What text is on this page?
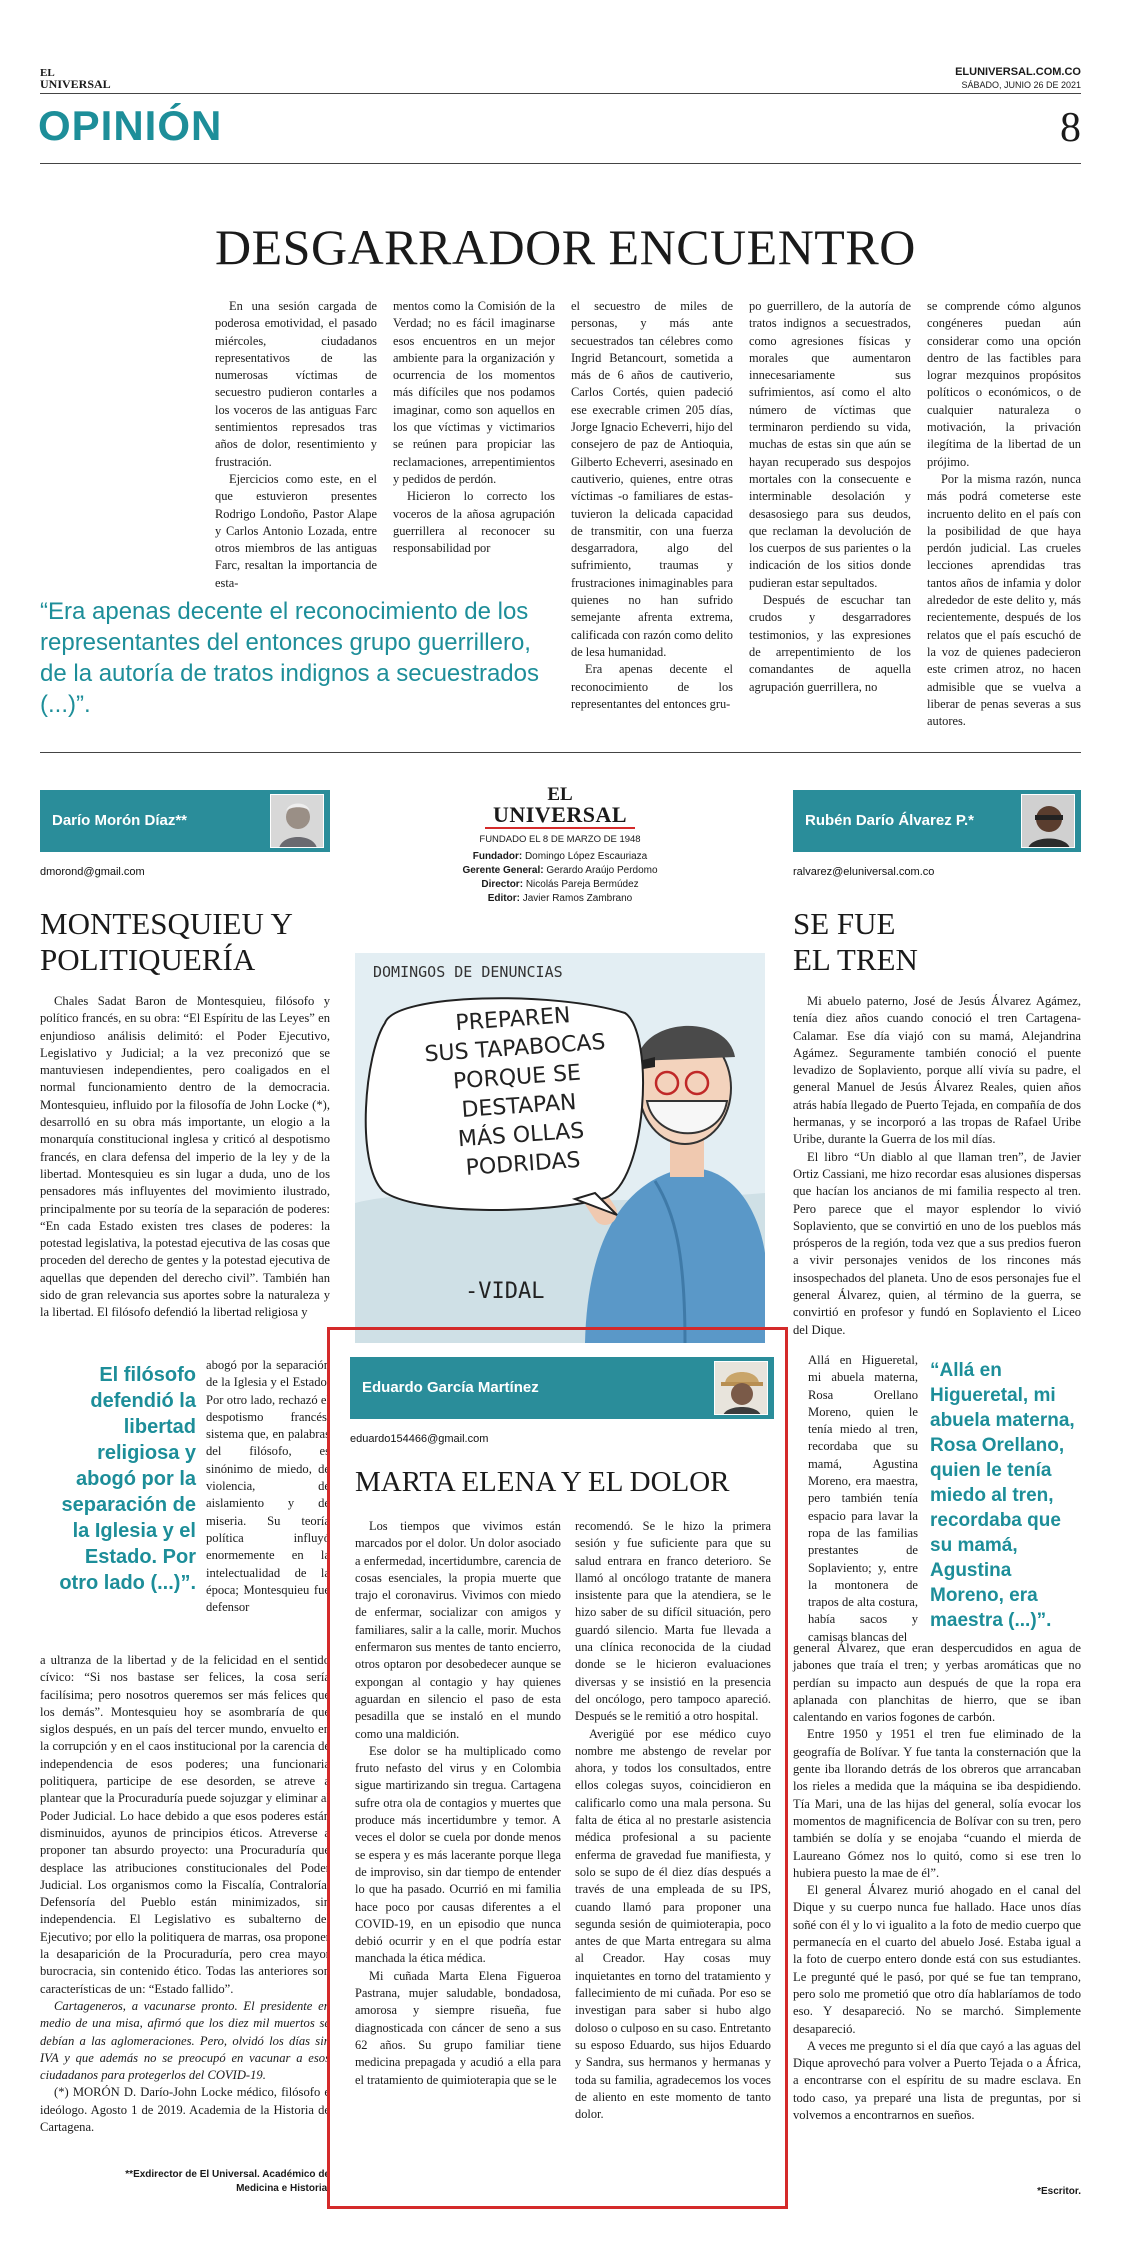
EL
UNIVERSAL
ELUNIVERSAL.COM.CO
SÁBADO, JUNIO 26 DE 2021
OPINIÓN	8
DESGARRADOR ENCUENTRO

En una sesión cargada de poderosa emotividad, el pasado miércoles, ciudadanos representativos de las numerosas víctimas de secuestro pudieron contarles a los voceros de las antiguas Farc sentimientos represados tras años de dolor, resentimiento y frustración.

Ejercicios como este, en el que estuvieron presentes Rodrigo Londoño, Pastor Alape y Carlos Antonio Lozada, entre otros miembros de las antiguas Farc, resaltan la importancia de esta-

mentos como la Comisión de la Verdad; no es fácil imaginarse esos encuentros en un mejor ambiente para la organización y ocurrencia de los momentos más difíciles que nos podamos imaginar, como son aquellos en los que víctimas y victimarios se reúnen para propiciar las reclamaciones, arrepentimientos y pedidos de perdón.

Hicieron lo correcto los voceros de la añosa agrupación guerrillera al reconocer su responsabilidad por

el secuestro de miles de personas, y más ante secuestrados tan célebres como Ingrid Betancourt, sometida a más de 6 años de cautiverio, Carlos Cortés, quien padeció ese execrable crimen 205 días, Jorge Ignacio Echeverri, hijo del consejero de paz de Antioquia, Gilberto Echeverri, asesinado en cautiverio, quienes, entre otras víctimas -o familiares de estas- tuvieron la delicada capacidad de transmitir, con una fuerza desgarradora, algo del sufrimiento, traumas y frustraciones inimaginables para quienes no han sufrido semejante afrenta extrema, calificada con razón como delito de lesa humanidad.

Era apenas decente el reconocimiento de los representantes del entonces gru-

po guerrillero, de la autoría de tratos indignos a secuestrados, como agresiones físicas y morales que aumentaron innecesariamente sus sufrimientos, así como el alto número de víctimas que terminaron perdiendo su vida, muchas de estas sin que aún se hayan recuperado sus despojos mortales con la consecuente e interminable desolación y desasosiego para sus deudos, que reclaman la devolución de los cuerpos de sus parientes o la indicación de los sitios donde pudieran estar sepultados.

Después de escuchar tan crudos y desgarradores testimonios, y las expresiones de arrepentimiento de los comandantes de aquella agrupación guerrillera, no

se comprende cómo algunos congéneres puedan aún considerar como una opción dentro de las factibles para lograr mezquinos propósitos políticos o económicos, o de cualquier naturaleza o motivación, la privación ilegítima de la libertad de un prójimo.

Por la misma razón, nunca más podrá cometerse este incruento delito en el país con la posibilidad de que haya perdón judicial. Las crueles lecciones aprendidas tras tantos años de infamia y dolor alrededor de este delito y, más recientemente, después de los relatos que el país escuchó de la voz de quienes padecieron este crimen atroz, no hacen admisible que se vuelva a liberar de penas severas a sus autores.

“Era apenas decente el reconocimiento de los representantes del entonces grupo guerrillero, de la autoría de tratos indignos a secuestrados (...)”.
Darío Morón Díaz**
dmorond@gmail.com
MONTESQUIEU Y
POLITIQUERÍA

Chales Sadat Baron de Montesquieu, filósofo y político francés, en su obra: “El Espíritu de las Leyes” en enjundioso análisis delimitó: el Poder Ejecutivo, Legislativo y Judicial; a la vez preconizó que se mantuviesen independientes, pero coaligados en el normal funcionamiento dentro de la democracia. Montesquieu, influido por la filosofía de John Locke (*), desarrolló en su obra más importante, un elogio a la monarquía constitucional inglesa y criticó al despotismo francés, en clara defensa del imperio de la ley y de la libertad. Montesquieu es sin lugar a duda, uno de los pensadores más influyentes del movimiento ilustrado, principalmente por su teoría de la separación de poderes: “En cada Estado existen tres clases de poderes: la potestad legislativa, la potestad ejecutiva de las cosas que proceden del derecho de gentes y la potestad ejecutiva de aquellas que dependen del derecho civil”. También han sido de gran relevancia sus aportes sobre la naturaleza y la libertad. El filósofo defendió la libertad religiosa y

El filósofo defendió la libertad religiosa y abogó por la separación de la Iglesia y el Estado. Por otro lado (...)”.
abogó por la separación de la Iglesia y el Estado. Por otro lado, rechazó el despotismo francés, sistema que, en palabras del filósofo, es sinónimo de miedo, de violencia, de aislamiento y de miseria. Su teoría política influyó enormemente en la intelectualidad de la época; Montesquieu fue defensor

a ultranza de la libertad y de la felicidad en el sentido cívico: “Si nos bastase ser felices, la cosa sería facilísima; pero nosotros queremos ser más felices que los demás”. Montesquieu hoy se asombraría de que siglos después, en un país del tercer mundo, envuelto en la corrupción y en el caos institucional por la carencia de independencia de esos poderes; una funcionaria politiquera, participe de ese desorden, se atreve a plantear que la Procuraduría puede sojuzgar y eliminar al Poder Judicial. Lo hace debido a que esos poderes están disminuidos, ayunos de principios éticos. Atreverse a proponer tan absurdo proyecto: una Procuraduría que desplace las atribuciones constitucionales del Poder Judicial. Los organismos como la Fiscalía, Contraloría, Defensoría del Pueblo están minimizados, sin independencia. El Legislativo es subalterno del Ejecutivo; por ello la politiquera de marras, osa proponer la desaparición de la Procuraduría, pero crea mayor burocracia, sin contenido ético. Todas las anteriores son características de un: “Estado fallido”.

Cartageneros, a vacunarse pronto. El presidente en medio de una misa, afirmó que los diez mil muertos se debían a las aglomeraciones. Pero, olvidó los días sin IVA y que además no se preocupó en vacunar a esos ciudadanos para protegerlos del COVID-19.

(*) MORÓN D. Darío-John Locke médico, filósofo e ideólogo. Agosto 1 de 2019. Academia de la Historia de Cartagena.

**Exdirector de El Universal. Académico de
Medicina e Historia.
EL
UNIVERSAL
FUNDADO EL 8 DE MARZO DE 1948
Fundador: Domingo López Escauriaza
Gerente General: Gerardo Araújo Perdomo
Director: Nicolás Pareja Bermúdez
Editor: Javier Ramos Zambrano
DOMINGOS DE DENUNCIAS
PREPAREN
SUS TAPABOCAS
PORQUE SE
DESTAPAN
MÁS OLLAS
PODRIDAS
-VIDAL
Eduardo García Martínez
eduardo154466@gmail.com
MARTA ELENA Y EL DOLOR

Los tiempos que vivimos están marcados por el dolor. Un dolor asociado a enfermedad, incertidumbre, carencia de cosas esenciales, la propia muerte que trajo el coronavirus. Vivimos con miedo de enfermar, socializar con amigos y familiares, salir a la calle, morir. Muchos enfermaron sus mentes de tanto encierro, otros optaron por desobedecer aunque se expongan al contagio y hay quienes aguardan en silencio el paso de esta pesadilla que se instaló en el mundo como una maldición.

Ese dolor se ha multiplicado como fruto nefasto del virus y en Colombia sigue martirizando sin tregua. Cartagena sufre otra ola de contagios y muertes que produce más incertidumbre y temor. A veces el dolor se cuela por donde menos se espera y es más lacerante porque llega de improviso, sin dar tiempo de entender lo que ha pasado. Ocurrió en mi familia hace poco por causas diferentes a el COVID-19, en un episodio que nunca debió ocurrir y en el que podría estar manchada la ética médica.

Mi cuñada Marta Elena Figueroa Pastrana, mujer saludable, bondadosa, amorosa y siempre risueña, fue diagnosticada con cáncer de seno a sus 62 años. Su grupo familiar tiene medicina prepagada y acudió a ella para el tratamiento de quimioterapia que se le

recomendó. Se le hizo la primera sesión y fue suficiente para que su salud entrara en franco deterioro. Se llamó al oncólogo tratante de manera insistente para que la atendiera, se le hizo saber de su difícil situación, pero guardó silencio. Marta fue llevada a una clínica reconocida de la ciudad donde se le hicieron evaluaciones diversas y se insistió en la presencia del oncólogo, pero tampoco apareció. Después se le remitió a otro hospital.

Averigüé por ese médico cuyo nombre me abstengo de revelar por ahora, y todos los consultados, entre ellos colegas suyos, coincidieron en calificarlo como una mala persona. Su falta de ética al no prestarle asistencia médica profesional a su paciente enferma de gravedad fue manifiesta, y solo se supo de él diez días después a través de una empleada de su IPS, cuando llamó para proponer una segunda sesión de quimioterapia, poco antes de que Marta entregara su alma al Creador. Hay cosas muy inquietantes en torno del tratamiento y fallecimiento de mi cuñada. Por eso se investigan para saber si hubo algo doloso o culposo en su caso. Entretanto su esposo Eduardo, sus hijos Eduardo y Sandra, sus hermanos y hermanas y toda su familia, agradecemos los voces de aliento en este momento de tanto dolor.

Rubén Darío Álvarez P.*
ralvarez@eluniversal.com.co
SE FUE
EL TREN

Mi abuelo paterno, José de Jesús Álvarez Agámez, tenía diez años cuando conoció el tren Cartagena-Calamar. Ese día viajó con su mamá, Alejandrina Agámez. Seguramente también conoció el puente levadizo de Soplaviento, porque allí vivía su padre, el general Manuel de Jesús Álvarez Reales, quien años atrás había llegado de Puerto Tejada, en compañía de dos hermanas, y se incorporó a las tropas de Rafael Uribe Uribe, durante la Guerra de los mil días.

El libro “Un diablo al que llaman tren”, de Javier Ortiz Cassiani, me hizo recordar esas alusiones dispersas que hacían los ancianos de mi familia respecto al tren. Pero parece que el mayor esplendor lo vivió Soplaviento, que se convirtió en uno de los pueblos más prósperos de la región, toda vez que a sus predios fueron a vivir personajes venidos de los rincones más insospechados del planeta. Uno de esos personajes fue el general Álvarez, quien, al término de la guerra, se convirtió en profesor y fundó en Soplaviento el Liceo del Dique.

Allá en Higueretal, mi abuela materna, Rosa Orellano Moreno, quien le tenía miedo al tren, recordaba que su mamá, Agustina Moreno, era maestra, pero también tenía espacio para lavar la ropa de las familias prestantes de Soplaviento; y, entre la montonera de trapos de alta costura, había sacos y camisas blancas del
“Allá en Higueretal, mi abuela materna, Rosa Orellano, quien le tenía miedo al tren, recordaba que su mamá, Agustina Moreno, era maestra (...)”.

general Álvarez, que eran despercudidos en agua de jabones que traía el tren; y yerbas aromáticas que no perdían su impacto aun después de que la ropa era aplanada con planchitas de hierro, que se iban calentando en varios fogones de carbón.

Entre 1950 y 1951 el tren fue eliminado de la geografía de Bolívar. Y fue tanta la consternación que la gente iba llorando detrás de los obreros que arrancaban los rieles a medida que la máquina se iba despidiendo. Tía Mari, una de las hijas del general, solía evocar los momentos de magnificencia de Bolívar con su tren, pero también se dolía y se enojaba “cuando el mierda de Laureano Gómez nos lo quitó, como si ese tren lo hubiera puesto la mae de él”.

El general Álvarez murió ahogado en el canal del Dique y su cuerpo nunca fue hallado. Hace unos días soñé con él y lo vi igualito a la foto de medio cuerpo que permanecía en el cuarto del abuelo José. Estaba igual a la foto de cuerpo entero donde está con sus estudiantes. Le pregunté qué le pasó, por qué se fue tan temprano, pero solo me prometió que otro día hablaríamos de todo eso. Y desapareció. No se marchó. Simplemente desapareció.

A veces me pregunto si el día que cayó a las aguas del Dique aprovechó para volver a Puerto Tejada o a África, a encontrarse con el espíritu de su madre esclava. En todo caso, ya preparé una lista de preguntas, por si volvemos a encontrarnos en sueños.

*Escritor.
